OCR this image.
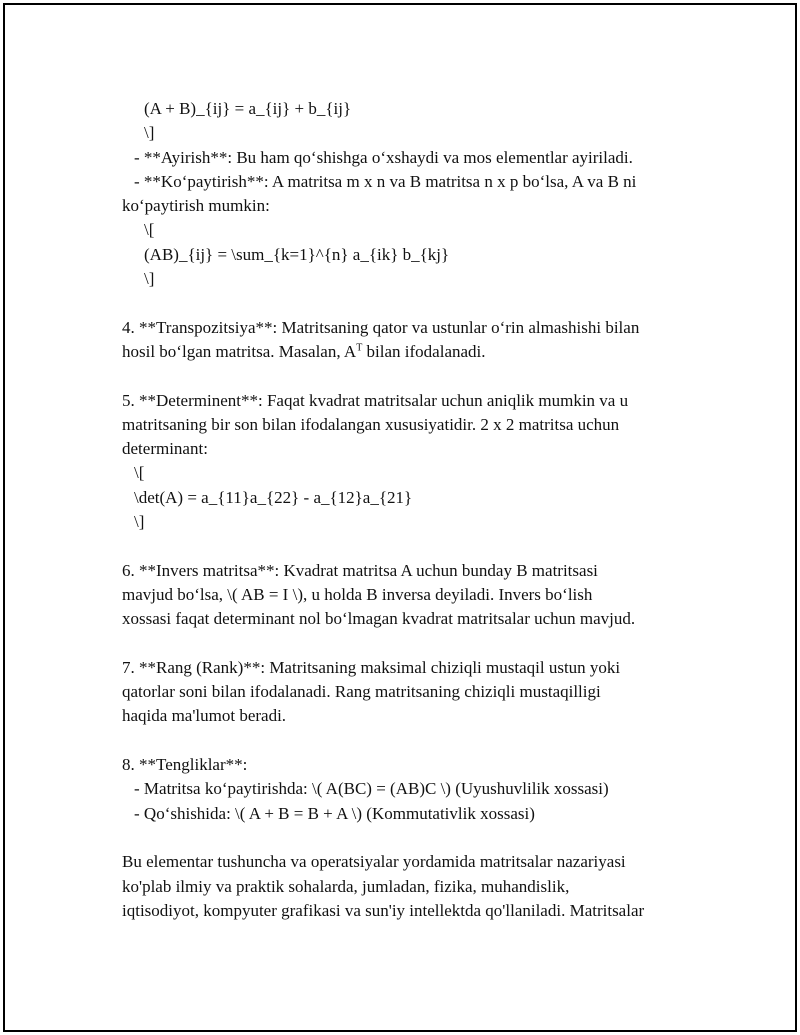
(A + B)_{ij} = a_{ij} + b_{ij}
\]
- **Ayirish**: Bu ham qo‘shishga o‘xshaydi va mos elementlar ayiriladi.
- **Ko‘paytirish**: A matritsa m x n va B matritsa n x p bo‘lsa, A va B ni
ko‘paytirish mumkin:
\[
(AB)_{ij} = \sum_{k=1}^{n} a_{ik} b_{kj}
\]
4. **Transpozitsiya**: Matritsaning qator va ustunlar o‘rin almashishi bilan
hosil bo‘lgan matritsa. Masalan, $A^T$ bilan ifodalanadi.
5. **Determinent**: Faqat kvadrat matritsalar uchun aniqlik mumkin va u
matritsaning bir son bilan ifodalangan xususiyatidir. 2 x 2 matritsa uchun
determinant:
\[
\det(A) = a_{11}a_{22} - a_{12}a_{21}
\]
6. **Invers matritsa**: Kvadrat matritsa A uchun bunday B matritsasi
mavjud bo‘lsa, \( AB = I \), u holda B inversa deyiladi. Invers bo‘lish
xossasi faqat determinant nol bo‘lmagan kvadrat matritsalar uchun mavjud.
7. **Rang (Rank)**: Matritsaning maksimal chiziqli mustaqil ustun yoki
qatorlar soni bilan ifodalanadi. Rang matritsaning chiziqli mustaqilligi
haqida ma'lumot beradi.
8. **Tengliklar**:
- Matritsa ko‘paytirishda: \( A(BC) = (AB)C \) (Uyushuvlilik xossasi)
- Qo‘shishida: \( A + B = B + A \) (Kommutativlik xossasi)
Bu elementar tushuncha va operatsiyalar yordamida matritsalar nazariyasi
ko'plab ilmiy va praktik sohalarda, jumladan, fizika, muhandislik,
iqtisodiyot, kompyuter grafikasi va sun'iy intellektda qo'llaniladi. Matritsalar
